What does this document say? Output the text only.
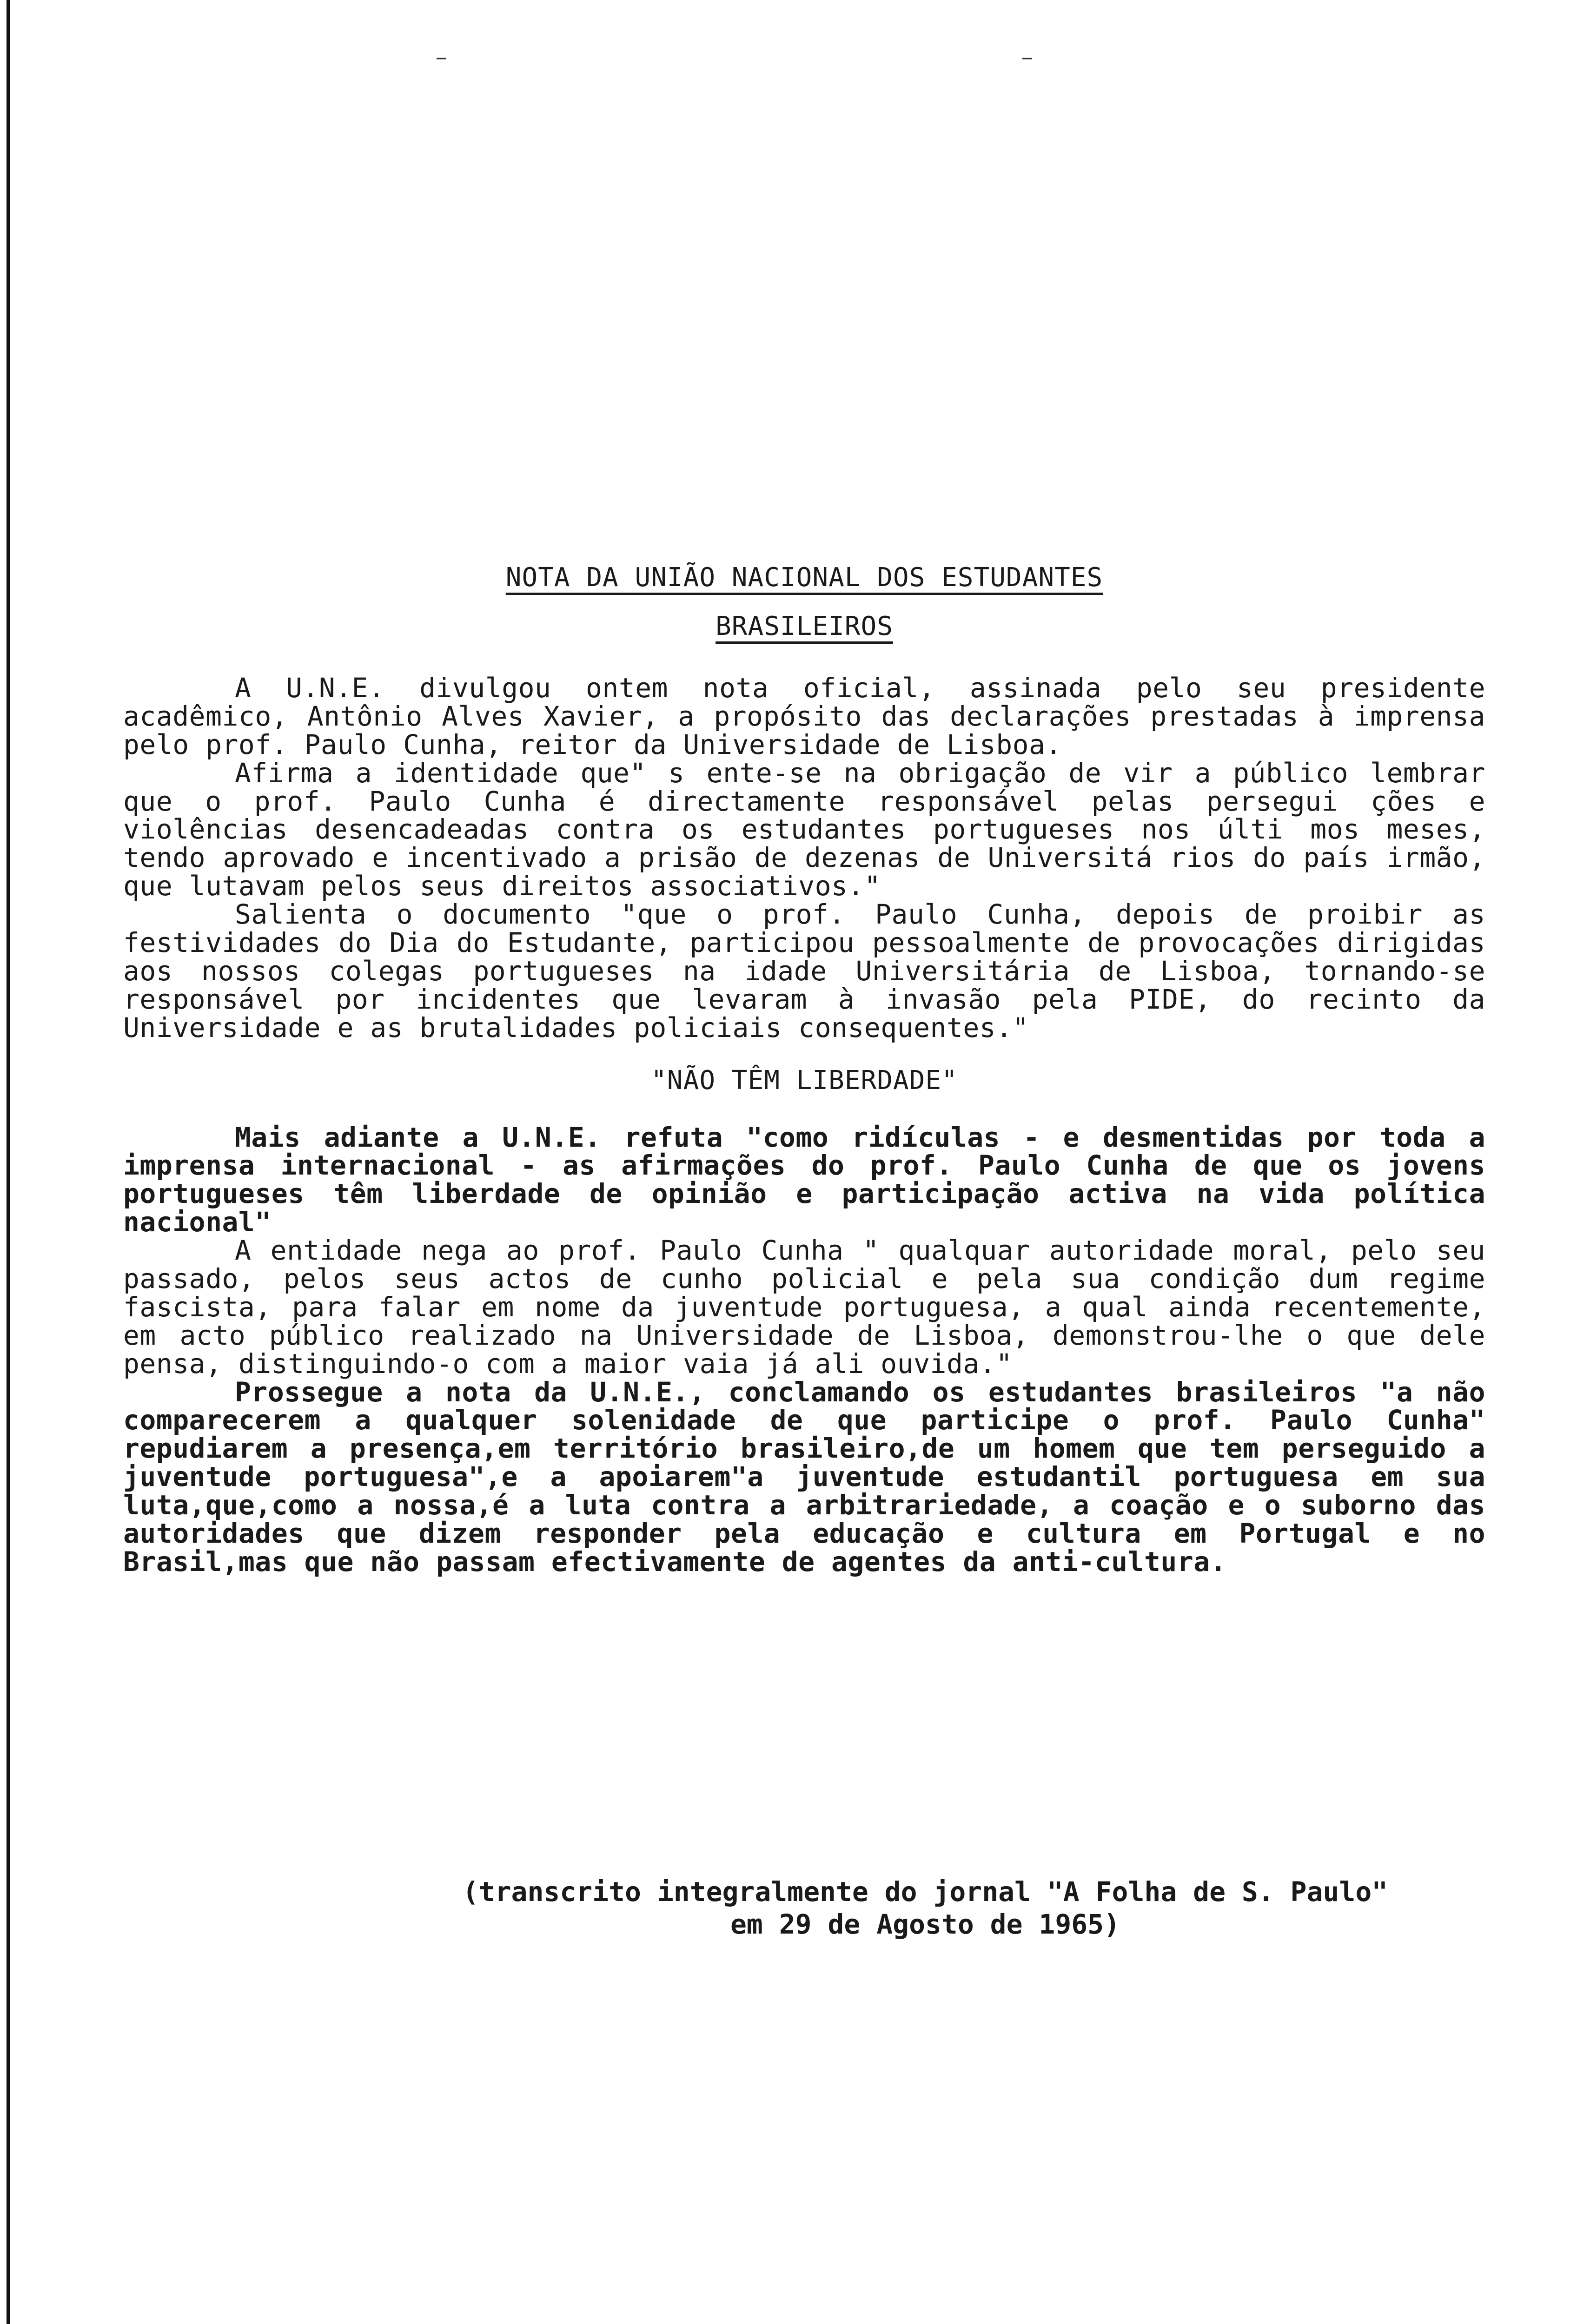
⁻	⁻
NOTA DA UNIÃO NACIONAL DOS ESTUDANTES
BRASILEIROS

A U.N.E. divulgou ontem nota oficial, assinada pelo seu presidente acadêmico, Antônio Alves Xavier, a propósito das declarações prestadas à imprensa pelo prof. Paulo Cunha, reitor da Universidade de Lisboa.

Afirma a identidade que" s ente-se na obrigação de vir a público lembrar que o prof. Paulo Cunha é directamente responsável pelas persegui ções e violências desencadeadas contra os estudantes portugueses nos últi mos meses, tendo aprovado e incentivado a prisão de dezenas de Universitá rios do país irmão, que lutavam pelos seus direitos associativos."

Salienta o documento "que o prof. Paulo Cunha, depois de proibir as festividades do Dia do Estudante, participou pessoalmente de provocações dirigidas aos nossos colegas portugueses na idade Universitária de Lisboa, tornando-se responsável por incidentes que levaram à invasão pela PIDE, do recinto da Universidade e as brutalidades policiais consequentes."

"NÃO TÊM LIBERDADE"

Mais adiante a U.N.E. refuta "como ridículas - e desmentidas por toda a imprensa internacional - as afirmações do prof. Paulo Cunha de que os jovens portugueses têm liberdade de opinião e participação activa na vida política nacional"

A entidade nega ao prof. Paulo Cunha " qualquar autoridade moral, pelo seu passado, pelos seus actos de cunho policial e pela sua condição dum regime fascista, para falar em nome da juventude portuguesa, a qual ainda recentemente, em acto público realizado na Universidade de Lisboa, demonstrou-lhe o que dele pensa, distinguindo-o com a maior vaia já ali ouvida."

Prossegue a nota da U.N.E., conclamando os estudantes brasileiros "a não comparecerem a qualquer solenidade de que participe o prof. Paulo Cunha" repudiarem a presença,em território brasileiro,de um homem que tem perseguido a juventude portuguesa",e a apoiarem"a juventude estudantil portuguesa em sua luta,que,como a nossa,é a luta contra a arbitrariedade, a coação e o suborno das autoridades que dizem responder pela educação e cultura em Portugal e no Brasil,mas que não passam efectivamente de agentes da anti-cultura.

(transcrito integralmente do jornal "A Folha de S. Paulo"
em 29 de Agosto de 1965)
